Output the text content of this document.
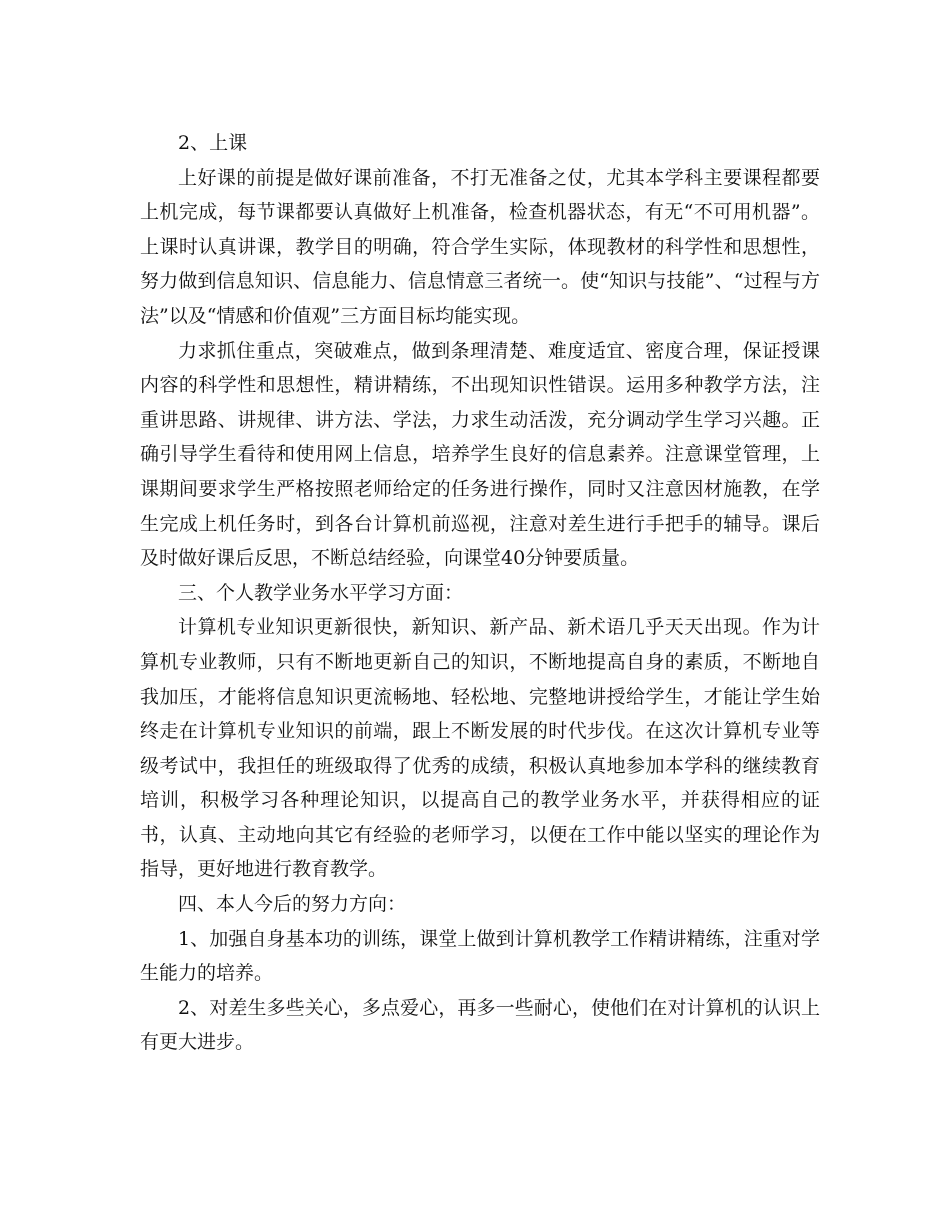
2、上课

上好课的前提是做好课前准备，不打无准备之仗，尤其本学科主要课程都要上机完成，每节课都要认真做好上机准备，检查机器状态，有无“不可用机器”。上课时认真讲课，教学目的明确，符合学生实际，体现教材的科学性和思想性，努力做到信息知识、信息能力、信息情意三者统一。使“知识与技能”、“过程与方法”以及“情感和价值观”三方面目标均能实现。

力求抓住重点，突破难点，做到条理清楚、难度适宜、密度合理，保证授课内容的科学性和思想性，精讲精练，不出现知识性错误。运用多种教学方法，注重讲思路、讲规律、讲方法、学法，力求生动活泼，充分调动学生学习兴趣。正确引导学生看待和使用网上信息，培养学生良好的信息素养。注意课堂管理，上课期间要求学生严格按照老师给定的任务进行操作，同时又注意因材施教，在学生完成上机任务时，到各台计算机前巡视，注意对差生进行手把手的辅导。课后及时做好课后反思，不断总结经验，向课堂40分钟要质量。

三、个人教学业务水平学习方面：

计算机专业知识更新很快，新知识、新产品、新术语几乎天天出现。作为计算机专业教师，只有不断地更新自己的知识，不断地提高自身的素质，不断地自我加压，才能将信息知识更流畅地、轻松地、完整地讲授给学生，才能让学生始终走在计算机专业知识的前端，跟上不断发展的时代步伐。在这次计算机专业等级考试中，我担任的班级取得了优秀的成绩，积极认真地参加本学科的继续教育培训，积极学习各种理论知识，以提高自己的教学业务水平，并获得相应的证书，认真、主动地向其它有经验的老师学习，以便在工作中能以坚实的理论作为指导，更好地进行教育教学。

四、本人今后的努力方向：

1、加强自身基本功的训练，课堂上做到计算机教学工作精讲精练，注重对学生能力的培养。

2、对差生多些关心，多点爱心，再多一些耐心，使他们在对计算机的认识上有更大进步。
